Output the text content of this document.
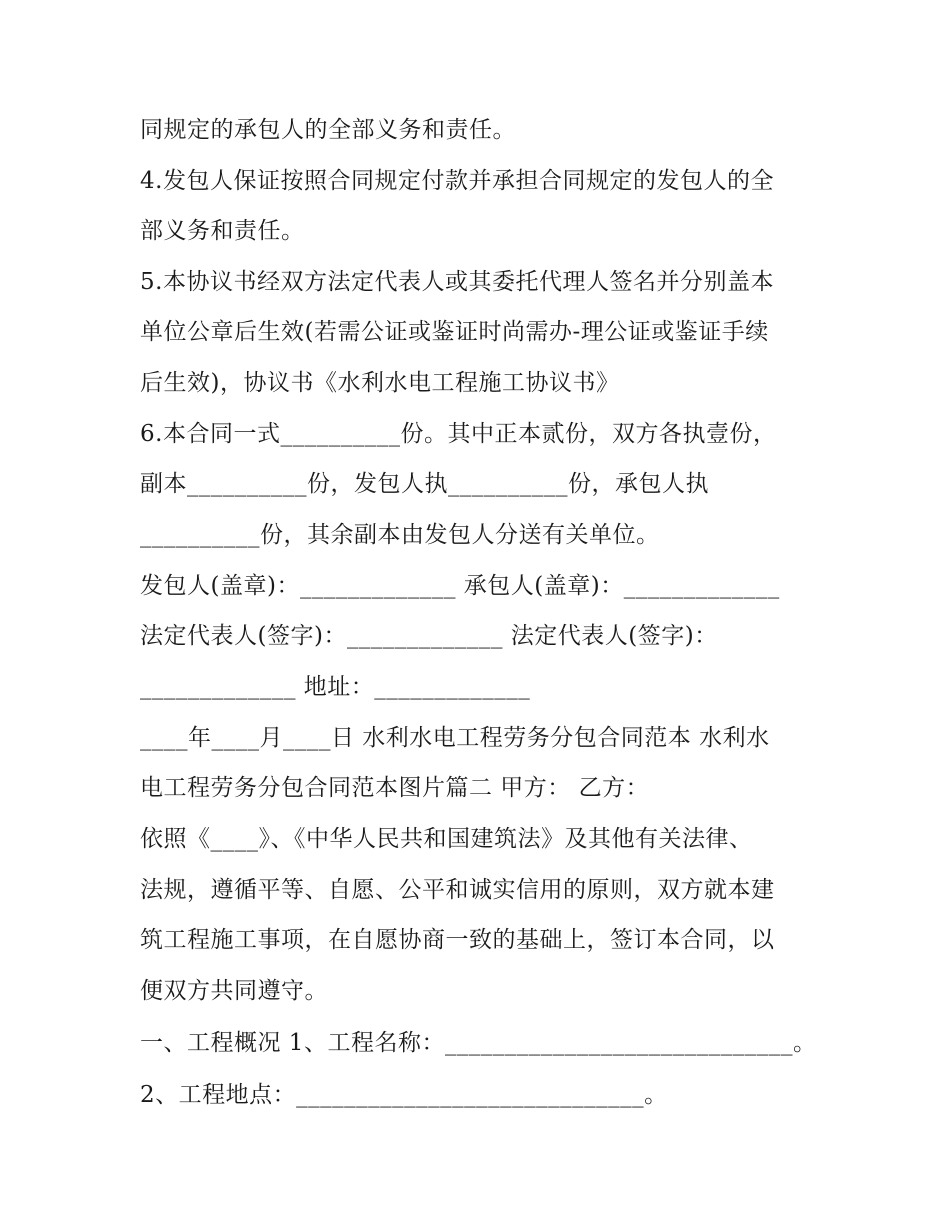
同规定的承包人的全部义务和责任。
4.发包人保证按照合同规定付款并承担合同规定的发包人的全
部义务和责任。
5.本协议书经双方法定代表人或其委托代理人签名并分别盖本
单位公章后生效(若需公证或鉴证时尚需办-理公证或鉴证手续
后生效)，协议书《水利水电工程施工协议书》
6.本合同一式__________份。其中正本贰份，双方各执壹份，
副本__________份，发包人执__________份，承包人执
__________份，其余副本由发包人分送有关单位。
发包人(盖章)：_____________ 承包人(盖章)：_____________
法定代表人(签字)：_____________ 法定代表人(签字)：
_____________ 地址：_____________
____年____月____日 水利水电工程劳务分包合同范本 水利水
电工程劳务分包合同范本图片篇二 甲方： 乙方：
依照《____》、《中华人民共和国建筑法》及其他有关法律、
法规，遵循平等、自愿、公平和诚实信用的原则，双方就本建
筑工程施工事项，在自愿协商一致的基础上，签订本合同，以
便双方共同遵守。
一、工程概况 1、工程名称：_____________________________。
2、工程地点：_____________________________。
